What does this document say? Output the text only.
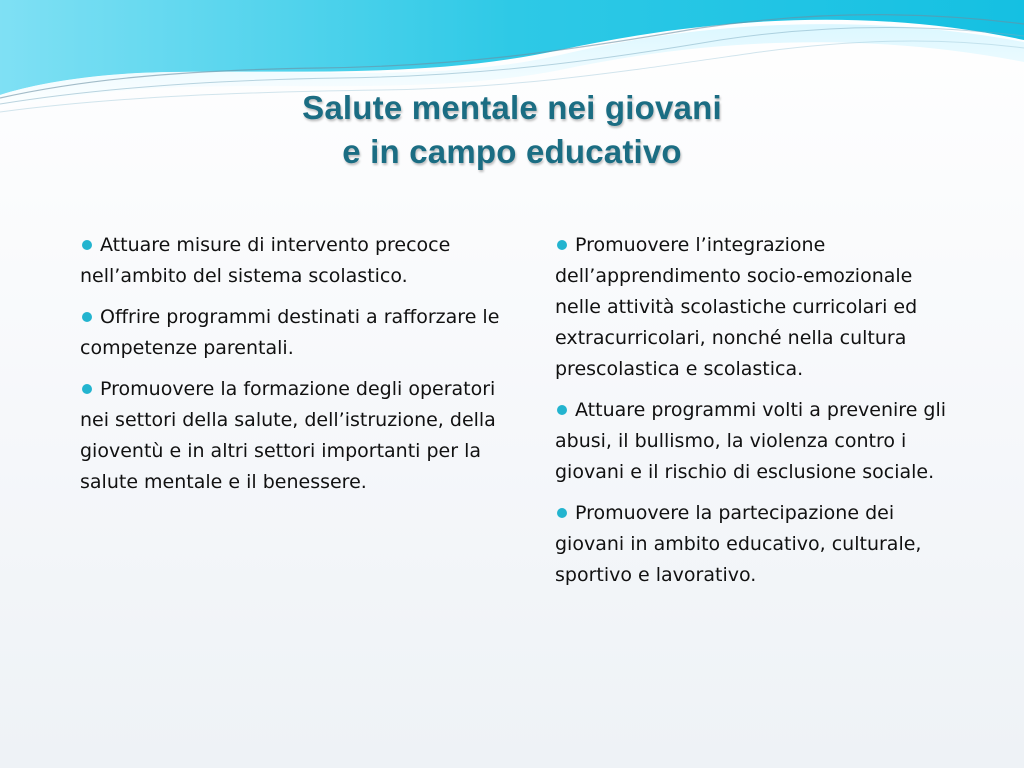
Salute mentale nei giovani
e in campo educativo
Attuare misure di intervento precoce nell’ambito del sistema scolastico.
Offrire programmi destinati a rafforzare le competenze parentali.
Promuovere la formazione degli operatori nei settori della salute, dell’istruzione, della gioventù e in altri settori importanti per la salute mentale e il benessere.
Promuovere l’integrazione dell’apprendimento socio-emozionale nelle attività scolastiche curricolari ed extracurricolari, nonché nella cultura prescolastica e scolastica.
Attuare programmi volti a prevenire gli abusi, il bullismo, la violenza contro i giovani e il rischio di esclusione sociale.
Promuovere la partecipazione dei giovani in ambito educativo, culturale, sportivo e lavorativo.
